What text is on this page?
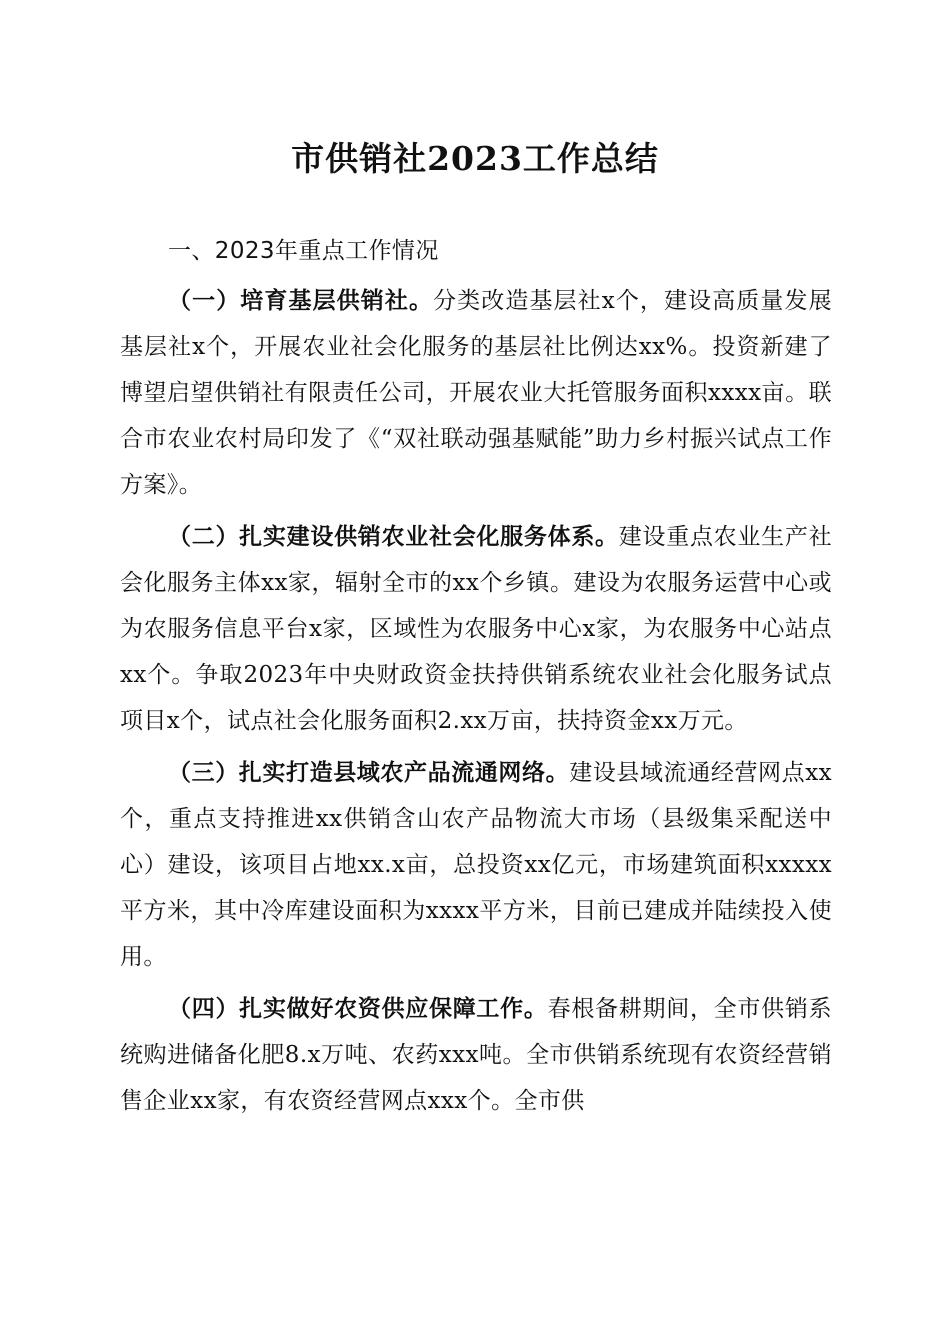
市供销社2023工作总结

一、2023年重点工作情况

（一）培育基层供销社。分类改造基层社x个，建设高质量发展基层社x个，开展农业社会化服务的基层社比例达xx%。投资新建了博望启望供销社有限责任公司，开展农业大托管服务面积xxxx亩。联合市农业农村局印发了《“双社联动强基赋能”助力乡村振兴试点工作方案》。

（二）扎实建设供销农业社会化服务体系。建设重点农业生产社会化服务主体xx家，辐射全市的xx个乡镇。建设为农服务运营中心或为农服务信息平台x家，区域性为农服务中心x家，为农服务中心站点xx个。争取2023年中央财政资金扶持供销系统农业社会化服务试点项目x个，试点社会化服务面积2.xx万亩，扶持资金xx万元。

（三）扎实打造县域农产品流通网络。建设县域流通经营网点xx个，重点支持推进xx供销含山农产品物流大市场（县级集采配送中心）建设，该项目占地xx.x亩，总投资xx亿元，市场建筑面积xxxxx平方米，其中冷库建设面积为xxxx平方米，目前已建成并陆续投入使用。

（四）扎实做好农资供应保障工作。春根备耕期间，全市供销系统购进储备化肥8.x万吨、农药xxx吨。全市供销系统现有农资经营销售企业xx家，有农资经营网点xxx个。全市供
